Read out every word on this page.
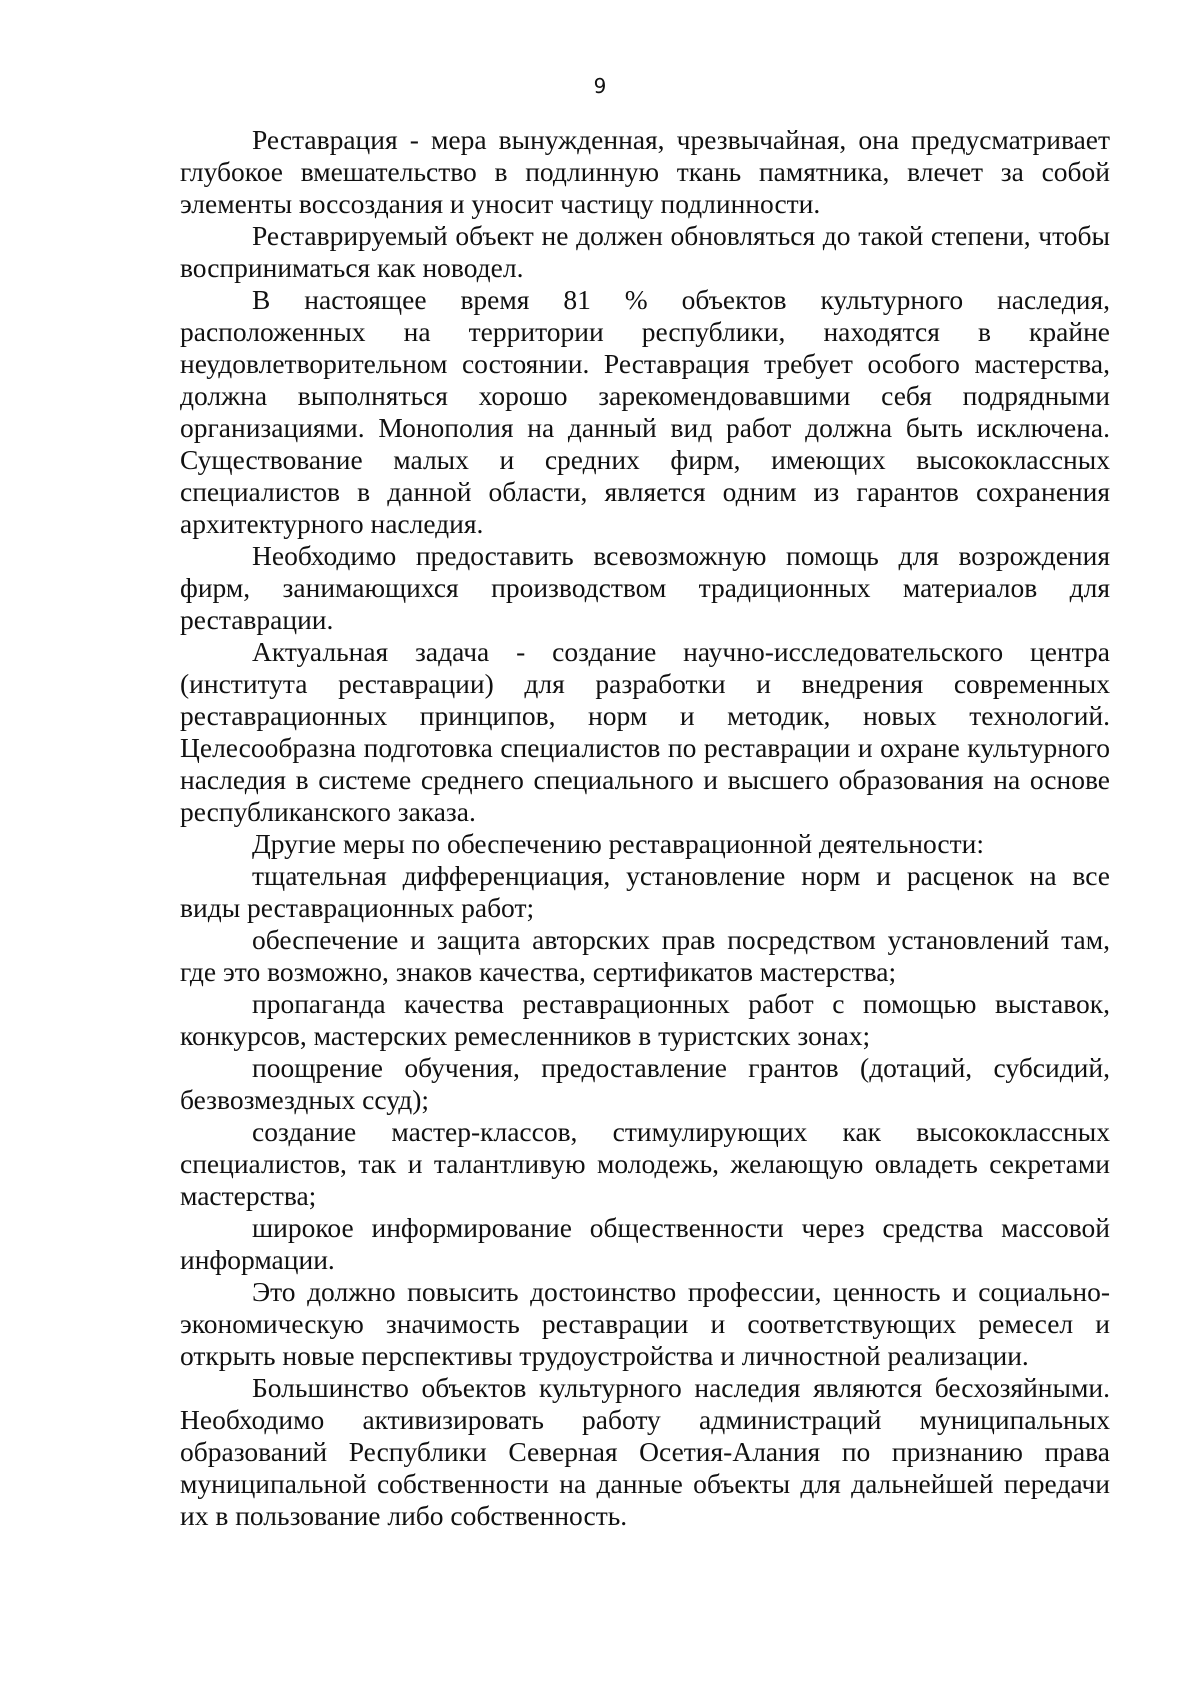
9

Реставрация - мера вынужденная, чрезвычайная, она предусматривает глубокое вмешательство в подлинную ткань памятника, влечет за собой элементы воссоздания и уносит частицу подлинности.

Реставрируемый объект не должен обновляться до такой степени, чтобы восприниматься как новодел.

В настоящее время 81 % объектов культурного наследия, расположенных на территории республики, находятся в крайне неудовлетворительном состоянии. Реставрация требует особого мастерства, должна выполняться хорошо зарекомендовавшими себя подрядными организациями. Монополия на данный вид работ должна быть исключена. Существование малых и средних фирм, имеющих высококлассных специалистов в данной области, является одним из гарантов сохранения архитектурного наследия.

Необходимо предоставить всевозможную помощь для возрождения фирм, занимающихся производством традиционных материалов для реставрации.

Актуальная задача - создание научно-исследовательского центра (института реставрации) для разработки и внедрения современных реставрационных принципов, норм и методик, новых технологий. Целесообразна подготовка специалистов по реставрации и охране культурного наследия в системе среднего специального и высшего образования на основе республиканского заказа.

Другие меры по обеспечению реставрационной деятельности:

тщательная дифференциация, установление норм и расценок на все виды реставрационных работ;

обеспечение и защита авторских прав посредством установлений там, где это возможно, знаков качества, сертификатов мастерства;

пропаганда качества реставрационных работ с помощью выставок, конкурсов, мастерских ремесленников в туристских зонах;

поощрение обучения, предоставление грантов (дотаций, субсидий, безвозмездных ссуд);

создание мастер-классов, стимулирующих как высококлассных специалистов, так и талантливую молодежь, желающую овладеть секретами мастерства;

широкое информирование общественности через средства массовой информации.

Это должно повысить достоинство профессии, ценность и социально-экономическую значимость реставрации и соответствующих ремесел и открыть новые перспективы трудоустройства и личностной реализации.

Большинство объектов культурного наследия являются бесхозяйными. Необходимо активизировать работу администраций муниципальных образований Республики Северная Осетия-Алания по признанию права муниципальной собственности на данные объекты для дальнейшей передачи их в пользование либо собственность.
